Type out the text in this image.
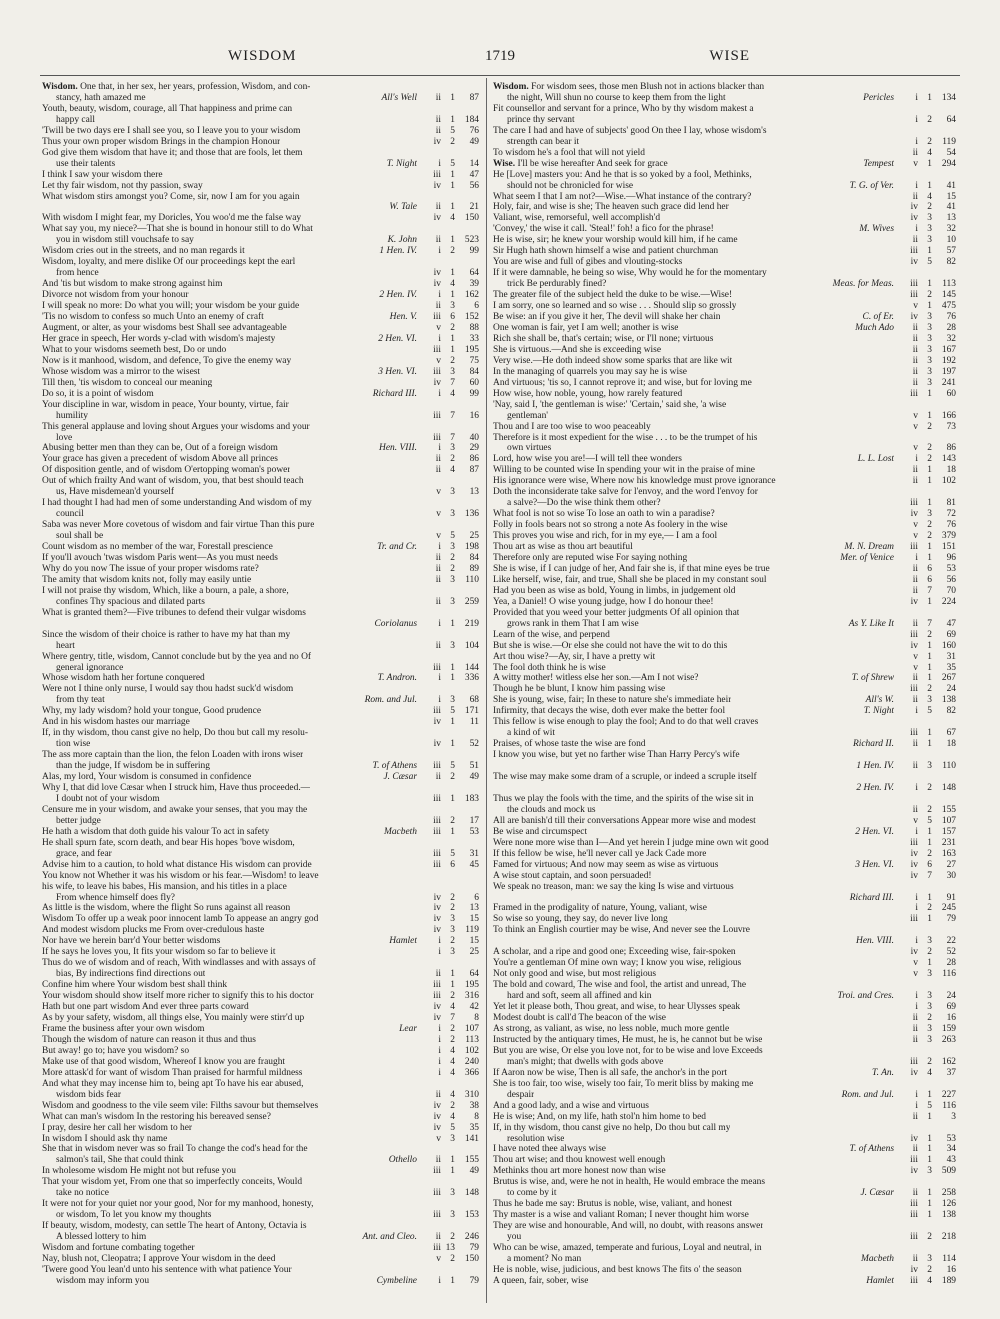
WISDOM	1719	WISE
Wisdom. One that, in her sex, her years, profession, Wisdom, and con-
stancy, hath amazed me	All's Well	ii 1	87
Youth, beauty, wisdom, courage, all That happiness and prime can
happy call	ii 1	184
'Twill be two days ere I shall see you, so I leave you to your wisdom	ii 5	76
Thus your own proper wisdom Brings in the champion Honour	iv 2	49
God give them wisdom that have it; and those that are fools, let them
use their talents	T. Night	i 5	14
I think I saw your wisdom there	iii 1	47
Let thy fair wisdom, not thy passion, sway	iv 1	56
What wisdom stirs amongst you? Come, sir, now I am for you again
W. Tale	ii 1	21
With wisdom I might fear, my Doricles, You woo'd me the false way	iv 4	150
What say you, my niece?—That she is bound in honour still to do What
you in wisdom still vouchsafe to say	K. John	ii 1	523
Wisdom cries out in the streets, and no man regards it	1 Hen. IV.	i 2	99
Wisdom, loyalty, and mere dislike Of our proceedings kept the earl
from hence	iv 1	64
And 'tis but wisdom to make strong against him	iv 4	39
Divorce not wisdom from your honour	2 Hen. IV.	i 1	162
I will speak no more: Do what you will; your wisdom be your guide	ii 3	6
'Tis no wisdom to confess so much Unto an enemy of craft	Hen. V.	iii 6	152
Augment, or alter, as your wisdoms best Shall see advantageable	v 2	88
Her grace in speech, Her words y-clad with wisdom's majesty	2 Hen. VI.	i 1	33
What to your wisdoms seemeth best, Do or undo	iii 1	195
Now is it manhood, wisdom, and defence, To give the enemy way	v 2	75
Whose wisdom was a mirror to the wisest	3 Hen. VI.	iii 3	84
Till then, 'tis wisdom to conceal our meaning	iv 7	60
Do so, it is a point of wisdom	Richard III.	i 4	99
Your discipline in war, wisdom in peace, Your bounty, virtue, fair
humility	iii 7	16
This general applause and loving shout Argues your wisdoms and your
love	iii 7	40
Abusing better men than they can be, Out of a foreign wisdom	Hen. VIII.	i 3	29
Your grace has given a precedent of wisdom Above all princes	ii 2	86
Of disposition gentle, and of wisdom O'ertopping woman's power	ii 4	87
Out of which frailty And want of wisdom, you, that best should teach
us, Have misdemean'd yourself	v 3	13
I had thought I had had men of some understanding And wisdom of my
council	v 3	136
Saba was never More covetous of wisdom and fair virtue Than this pure
soul shall be	v 5	25
Count wisdom as no member of the war, Forestall prescience	Tr. and Cr.	i 3	198
If you'll avouch 'twas wisdom Paris went—As you must needs	ii 2	84
Why do you now The issue of your proper wisdoms rate?	ii 2	89
The amity that wisdom knits not, folly may easily untie	ii 3	110
I will not praise thy wisdom, Which, like a bourn, a pale, a shore,
confines Thy spacious and dilated parts	ii 3	259
What is granted them?—Five tribunes to defend their vulgar wisdoms
Coriolanus	i 1	219
Since the wisdom of their choice is rather to have my hat than my
heart	ii 3	104
Where gentry, title, wisdom, Cannot conclude but by the yea and no Of
general ignorance	iii 1	144
Whose wisdom hath her fortune conquered	T. Andron.	i 1	336
Were not I thine only nurse, I would say thou hadst suck'd wisdom
from thy teat	Rom. and Jul.	i 3	68
Why, my lady wisdom? hold your tongue, Good prudence	iii 5	171
And in his wisdom hastes our marriage	iv 1	11
If, in thy wisdom, thou canst give no help, Do thou but call my resolu-
tion wise	iv 1	52
The ass more captain than the lion, the felon Loaden with irons wiser
than the judge, If wisdom be in suffering	T. of Athens	iii 5	51
Alas, my lord, Your wisdom is consumed in confidence	J. Cæsar	ii 2	49
Why I, that did love Cæsar when I struck him, Have thus proceeded.—
I doubt not of your wisdom	iii 1	183
Censure me in your wisdom, and awake your senses, that you may the
better judge	iii 2	17
He hath a wisdom that doth guide his valour To act in safety	Macbeth	iii 1	53
He shall spurn fate, scorn death, and bear His hopes 'bove wisdom,
grace, and fear	iii 5	31
Advise him to a caution, to hold what distance His wisdom can provide	iii 6	45
You know not Whether it was his wisdom or his fear.—Wisdom! to leave
his wife, to leave his babes, His mansion, and his titles in a place
From whence himself does fly?	iv 2	6
As little is the wisdom, where the flight So runs against all reason	iv 2	13
Wisdom To offer up a weak poor innocent lamb To appease an angry god	iv 3	15
And modest wisdom plucks me From over-credulous haste	iv 3	119
Nor have we herein barr'd Your better wisdoms	Hamlet	i 2	15
If he says he loves you, It fits your wisdom so far to believe it	i 3	25
Thus do we of wisdom and of reach, With windlasses and with assays of
bias, By indirections find directions out	ii 1	64
Confine him where Your wisdom best shall think	iii 1	195
Your wisdom should show itself more richer to signify this to his doctor	iii 2	316
Hath but one part wisdom And ever three parts coward	iv 4	42
As by your safety, wisdom, all things else, You mainly were stirr'd up	iv 7	8
Frame the business after your own wisdom	Lear	i 2	107
Though the wisdom of nature can reason it thus and thus	i 2	113
But away! go to; have you wisdom? so	i 4	102
Make use of that good wisdom, Whereof I know you are fraught	i 4	240
More attask'd for want of wisdom Than praised for harmful mildness	i 4	366
And what they may incense him to, being apt To have his ear abused,
wisdom bids fear	ii 4	310
Wisdom and goodness to the vile seem vile: Filths savour but themselves	iv 2	38
What can man's wisdom In the restoring his bereaved sense?	iv 4	8
I pray, desire her call her wisdom to her	iv 5	35
In wisdom I should ask thy name	v 3	141
She that in wisdom never was so frail To change the cod's head for the
salmon's tail, She that could think	Othello	ii 1	155
In wholesome wisdom He might not but refuse you	iii 1	49
That your wisdom yet, From one that so imperfectly conceits, Would
take no notice	iii 3	148
It were not for your quiet nor your good, Nor for my manhood, honesty,
or wisdom, To let you know my thoughts	iii 3	153
If beauty, wisdom, modesty, can settle The heart of Antony, Octavia is
A blessed lottery to him	Ant. and Cleo.	ii 2	246
Wisdom and fortune combating together	iii 13	79
Nay, blush not, Cleopatra; I approve Your wisdom in the deed	v 2	150
'Twere good You lean'd unto his sentence with what patience Your
wisdom may inform you	Cymbeline	i 1	79
Wisdom. For wisdom sees, those men Blush not in actions blacker than
the night, Will shun no course to keep them from the light	Pericles	i 1	134
Fit counsellor and servant for a prince, Who by thy wisdom makest a
prince thy servant	i 2	64
The care I had and have of subjects' good On thee I lay, whose wisdom's
strength can bear it	i 2	119
To wisdom he's a fool that will not yield	ii 4	54
Wise. I'll be wise hereafter And seek for grace	Tempest	v 1	294
He [Love] masters you: And he that is so yoked by a fool, Methinks,
should not be chronicled for wise	T. G. of Ver.	i 1	41
What seem I that I am not?—Wise.—What instance of the contrary?	ii 4	15
Holy, fair, and wise is she; The heaven such grace did lend her	iv 2	41
Valiant, wise, remorseful, well accomplish'd	iv 3	13
'Convey,' the wise it call. 'Steal!' foh! a fico for the phrase!	M. Wives	i 3	32
He is wise, sir; he knew your worship would kill him, if he came	ii 3	10
Sir Hugh hath shown himself a wise and patient churchman	iii 1	57
You are wise and full of gibes and vlouting-stocks	iv 5	82
If it were damnable, he being so wise, Why would he for the momentary
trick Be perdurably fined?	Meas. for Meas.	iii 1	113
The greater file of the subject held the duke to be wise.—Wise!	iii 2	145
I am sorry, one so learned and so wise . . . Should slip so grossly	v 1	475
Be wise: an if you give it her, The devil will shake her chain	C. of Er.	iv 3	76
One woman is fair, yet I am well; another is wise	Much Ado	ii 3	28
Rich she shall be, that's certain; wise, or I'll none; virtuous	ii 3	32
She is virtuous.—And she is exceeding wise	ii 3	167
Very wise.—He doth indeed show some sparks that are like wit	ii 3	192
In the managing of quarrels you may say he is wise	ii 3	197
And virtuous; 'tis so, I cannot reprove it; and wise, but for loving me	ii 3	241
How wise, how noble, young, how rarely featured	iii 1	60
'Nay, said I, 'the gentleman is wise:' 'Certain,' said she, 'a wise
gentleman'	v 1	166
Thou and I are too wise to woo peaceably	v 2	73
Therefore is it most expedient for the wise . . . to be the trumpet of his
own virtues	v 2	86
Lord, how wise you are!—I will tell thee wonders	L. L. Lost	i 2	143
Willing to be counted wise In spending your wit in the praise of mine	ii 1	18
His ignorance were wise, Where now his knowledge must prove ignorance	ii 1	102
Doth the inconsiderate take salve for l'envoy, and the word l'envoy for
a salve?—Do the wise think them other?	iii 1	81
What fool is not so wise To lose an oath to win a paradise?	iv 3	72
Folly in fools bears not so strong a note As foolery in the wise	v 2	76
This proves you wise and rich, for in my eye,— I am a fool	v 2	379
Thou art as wise as thou art beautiful	M. N. Dream	iii 1	151
Therefore only are reputed wise For saying nothing	Mer. of Venice	i 1	96
She is wise, if I can judge of her, And fair she is, if that mine eyes be true	ii 6	53
Like herself, wise, fair, and true, Shall she be placed in my constant soul	ii 6	56
Had you been as wise as bold, Young in limbs, in judgement old	ii 7	70
Yea, a Daniel! O wise young judge, how I do honour thee!	iv 1	224
Provided that you weed your better judgments Of all opinion that
grows rank in them That I am wise	As Y. Like It	ii 7	47
Learn of the wise, and perpend	iii 2	69
But she is wise.—Or else she could not have the wit to do this	iv 1	160
Art thou wise?—Ay, sir, I have a pretty wit	v 1	31
The fool doth think he is wise	v 1	35
A witty mother! witless else her son.—Am I not wise?	T. of Shrew	ii 1	267
Though he be blunt, I know him passing wise	iii 2	24
She is young, wise, fair; In these to nature she's immediate heir	All's W.	ii 3	138
Infirmity, that decays the wise, doth ever make the better fool	T. Night	i 5	82
This fellow is wise enough to play the fool; And to do that well craves
a kind of wit	iii 1	67
Praises, of whose taste the wise are fond	Richard II.	ii 1	18
I know you wise, but yet no farther wise Than Harry Percy's wife
1 Hen. IV.	ii 3	110
The wise may make some dram of a scruple, or indeed a scruple itself
2 Hen. IV.	i 2	148
Thus we play the fools with the time, and the spirits of the wise sit in
the clouds and mock us	ii 2	155
All are banish'd till their conversations Appear more wise and modest	v 5	107
Be wise and circumspect	2 Hen. VI.	i 1	157
Were none more wise than I—And yet herein I judge mine own wit good	iii 1	231
If this fellow be wise, he'll never call ye Jack Cade more	iv 2	163
Famed for virtuous; And now may seem as wise as virtuous	3 Hen. VI.	iv 6	27
A wise stout captain, and soon persuaded!	iv 7	30
We speak no treason, man: we say the king Is wise and virtuous
Richard III.	i 1	91
Framed in the prodigality of nature, Young, valiant, wise	i 2	245
So wise so young, they say, do never live long	iii 1	79
To think an English courtier may be wise, And never see the Louvre
Hen. VIII.	i 3	22
A scholar, and a ripe and good one; Exceeding wise, fair-spoken	iv 2	52
You're a gentleman Of mine own way; I know you wise, religious	v 1	28
Not only good and wise, but most religious	v 3	116
The bold and coward, The wise and fool, the artist and unread, The
hard and soft, seem all affined and kin	Troi. and Cres.	i 3	24
Yet let it please both, Thou great, and wise, to hear Ulysses speak	i 3	69
Modest doubt is call'd The beacon of the wise	ii 2	16
As strong, as valiant, as wise, no less noble, much more gentle	ii 3	159
Instructed by the antiquary times, He must, he is, he cannot but be wise	ii 3	263
But you are wise, Or else you love not, for to be wise and love Exceeds
man's might; that dwells with gods above	iii 2	162
If Aaron now be wise, Then is all safe, the anchor's in the port	T. An.	iv 4	37
She is too fair, too wise, wisely too fair, To merit bliss by making me
despair	Rom. and Jul.	i 1	227
And a good lady, and a wise and virtuous	i 5	116
He is wise; And, on my life, hath stol'n him home to bed	ii 1	3
If, in thy wisdom, thou canst give no help, Do thou but call my
resolution wise	iv 1	53
I have noted thee always wise	T. of Athens	ii 1	34
Thou art wise; and thou knowest well enough	iii 1	43
Methinks thou art more honest now than wise	iv 3	509
Brutus is wise, and, were he not in health, He would embrace the means
to come by it	J. Cæsar	ii 1	258
Thus he bade me say: Brutus is noble, wise, valiant, and honest	iii 1	126
Thy master is a wise and valiant Roman; I never thought him worse	iii 1	138
They are wise and honourable, And will, no doubt, with reasons answer
you	iii 2	218
Who can be wise, amazed, temperate and furious, Loyal and neutral, in
a moment? No man	Macbeth	ii 3	114
He is noble, wise, judicious, and best knows The fits o' the season	iv 2	16
A queen, fair, sober, wise	Hamlet	iii 4	189
